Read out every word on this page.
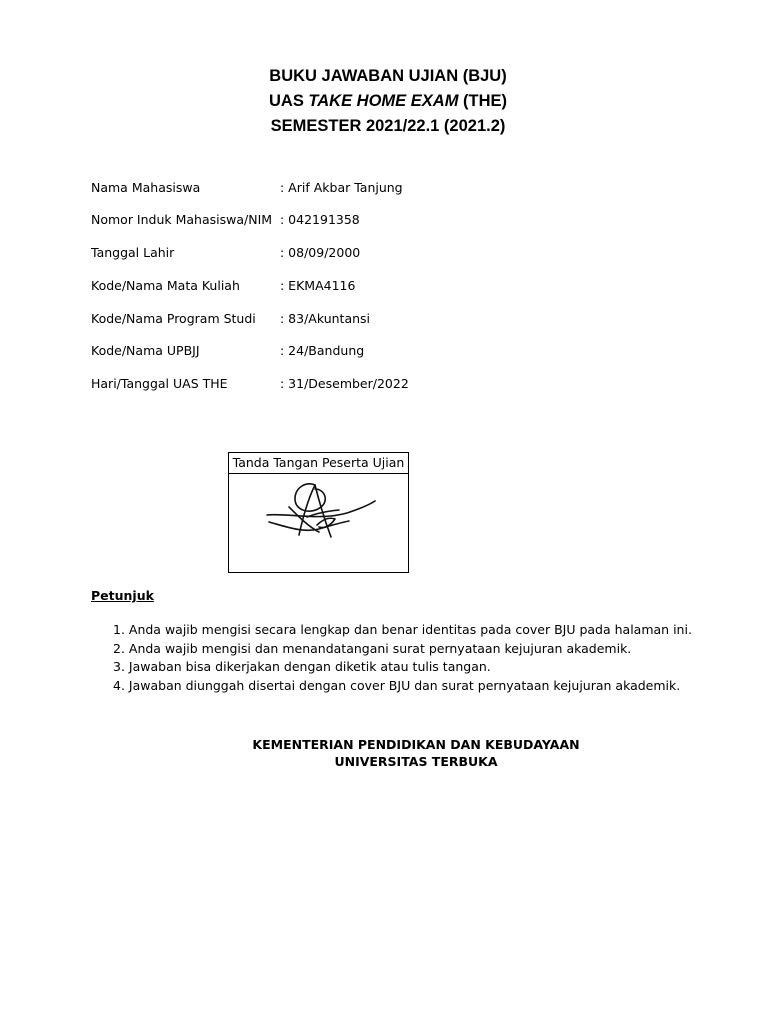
BUKU JAWABAN UJIAN (BJU)
UAS TAKE HOME EXAM (THE)
SEMESTER 2021/22.1 (2021.2)
Nama Mahasiswa	: Arif Akbar Tanjung
Nomor Induk Mahasiswa/NIM : 042191358
Tanggal Lahir	: 08/09/2000
Kode/Nama Mata Kuliah	: EKMA4116
Kode/Nama Program Studi : 83/Akuntansi
Kode/Nama UPBJJ	: 24/Bandung
Hari/Tanggal UAS THE	: 31/Desember/2022
Tanda Tangan Peserta Ujian
Petunjuk
1. Anda wajib mengisi secara lengkap dan benar identitas pada cover BJU pada halaman ini.
2. Anda wajib mengisi dan menandatangani surat pernyataan kejujuran akademik.
3. Jawaban bisa dikerjakan dengan diketik atau tulis tangan.
4. Jawaban diunggah disertai dengan cover BJU dan surat pernyataan kejujuran akademik.
KEMENTERIAN PENDIDIKAN DAN KEBUDAYAAN
UNIVERSITAS TERBUKA
